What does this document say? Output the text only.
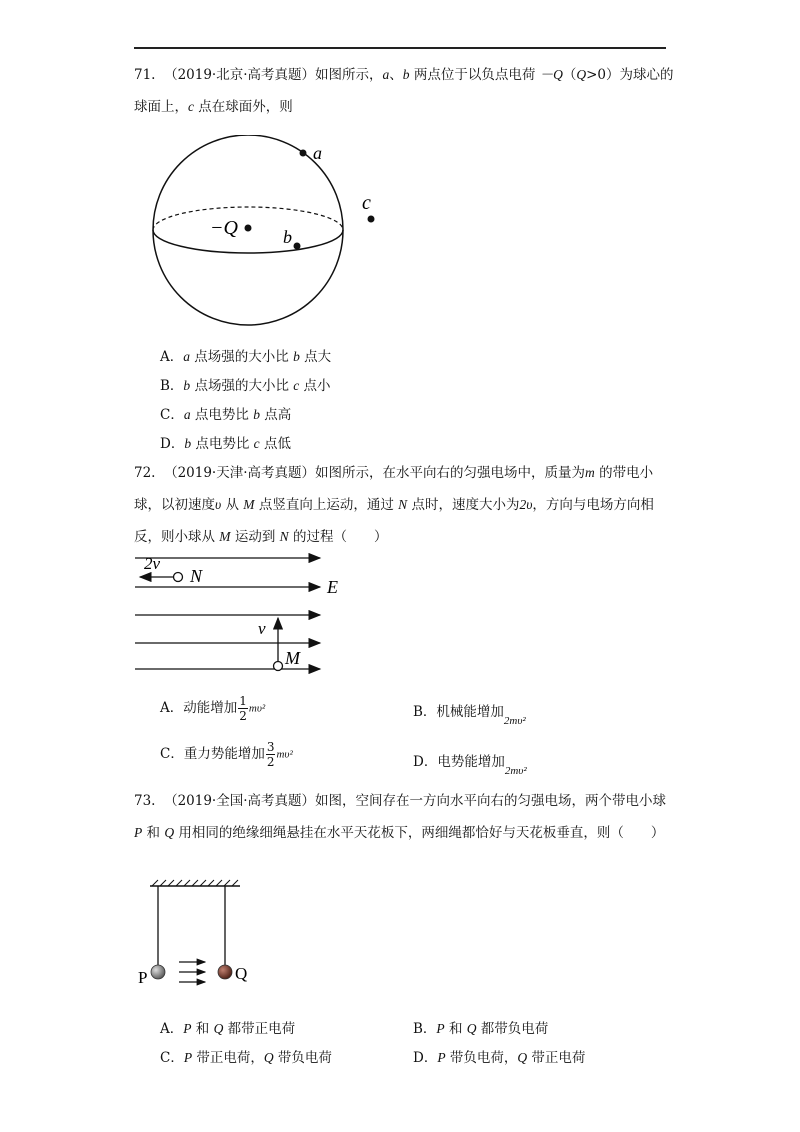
71. （2019·北京·高考真题）如图所示，a、b 两点位于以负点电荷 －Q（Q>0）为球心的球面上，c 点在球面外，则
a
b
−Q
c
A．a 点场强的大小比 b 点大
B．b 点场强的大小比 c 点小
C．a 点电势比 b 点高
D．b 点电势比 c 点低
72. （2019·天津·高考真题）如图所示，在水平向右的匀强电场中，质量为m 的带电小球，以初速度υ 从 M 点竖直向上运动，通过 N 点时，速度大小为2υ，方向与电场方向相反，则小球从 M 运动到 N 的过程（　　）
E
2v
N
v
M
A．动能增加 $\frac{1}{2} m\upsilon^2$	B．机械能增加$_{2m\upsilon^2}$
C．重力势能增加 $\frac{3}{2} m\upsilon^2$	D．电势能增加$_{2m\upsilon^2}$
73. （2019·全国·高考真题）如图，空间存在一方向水平向右的匀强电场，两个带电小球 P 和 Q 用相同的绝缘细绳悬挂在水平天花板下，两细绳都恰好与天花板垂直，则（　　）
P	Q
A．P 和 Q 都带正电荷	B．P 和 Q 都带负电荷
C．P 带正电荷，Q 带负电荷	D．P 带负电荷，Q 带正电荷
